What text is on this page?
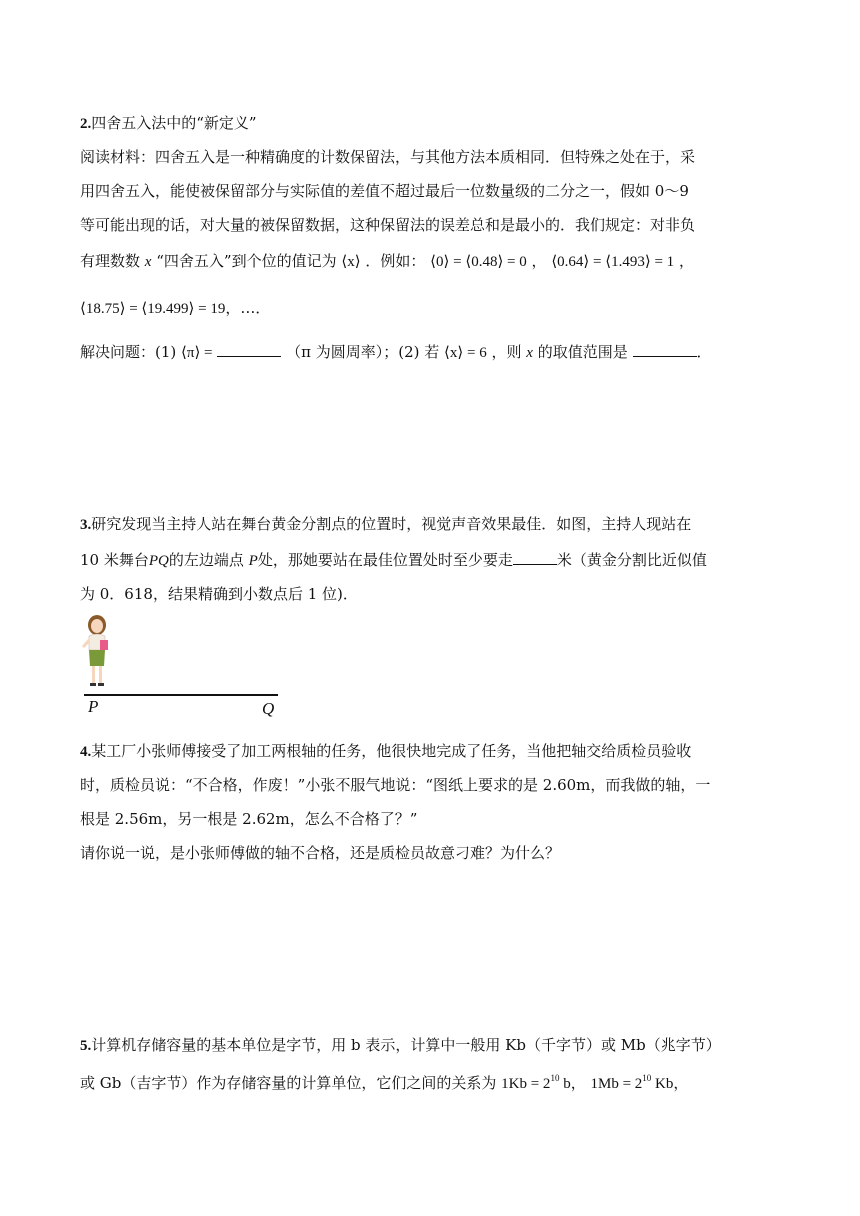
2.四舍五入法中的“新定义”
阅读材料：四舍五入是一种精确度的计数保留法，与其他方法本质相同．但特殊之处在于，采
用四舍五入，能使被保留部分与实际值的差值不超过最后一位数量级的二分之一，假如 0～9
等可能出现的话，对大量的被保留数据，这种保留法的误差总和是最小的．我们规定：对非负
有理数数 x “四舍五入”到个位的值记为 ⟨x⟩ ．例如： ⟨0⟩ = ⟨0.48⟩ = 0 ， ⟨0.64⟩ = ⟨1.493⟩ = 1 ，
⟨18.75⟩ = ⟨19.499⟩ = 19，…．
解决问题：(1) ⟨π⟩ =	（π 为圆周率）；(2) 若 ⟨x⟩ = 6 ，则 x 的取值范围是	．
3.研究发现当主持人站在舞台黄金分割点的位置时，视觉声音效果最佳．如图，主持人现站在
10 米舞台PQ的左边端点 P处，那她要站在最佳位置处时至少要走	米（黄金分割比近似值
为 0．618，结果精确到小数点后 1 位)．
P	Q
4.某工厂小张师傅接受了加工两根轴的任务，他很快地完成了任务，当他把轴交给质检员验收
时，质检员说：“不合格，作废！”小张不服气地说：“图纸上要求的是 2.60m，而我做的轴，一
根是 2.56m，另一根是 2.62m，怎么不合格了？”
请你说一说，是小张师傅做的轴不合格，还是质检员故意刁难？为什么？
5.计算机存储容量的基本单位是字节，用 b 表示，计算中一般用 Kb（千字节）或 Mb（兆字节）
或 Gb（吉字节）作为存储容量的计算单位，它们之间的关系为 $1Kb = 2^{10}$ b， $1Mb = 2^{10}$ Kb，
